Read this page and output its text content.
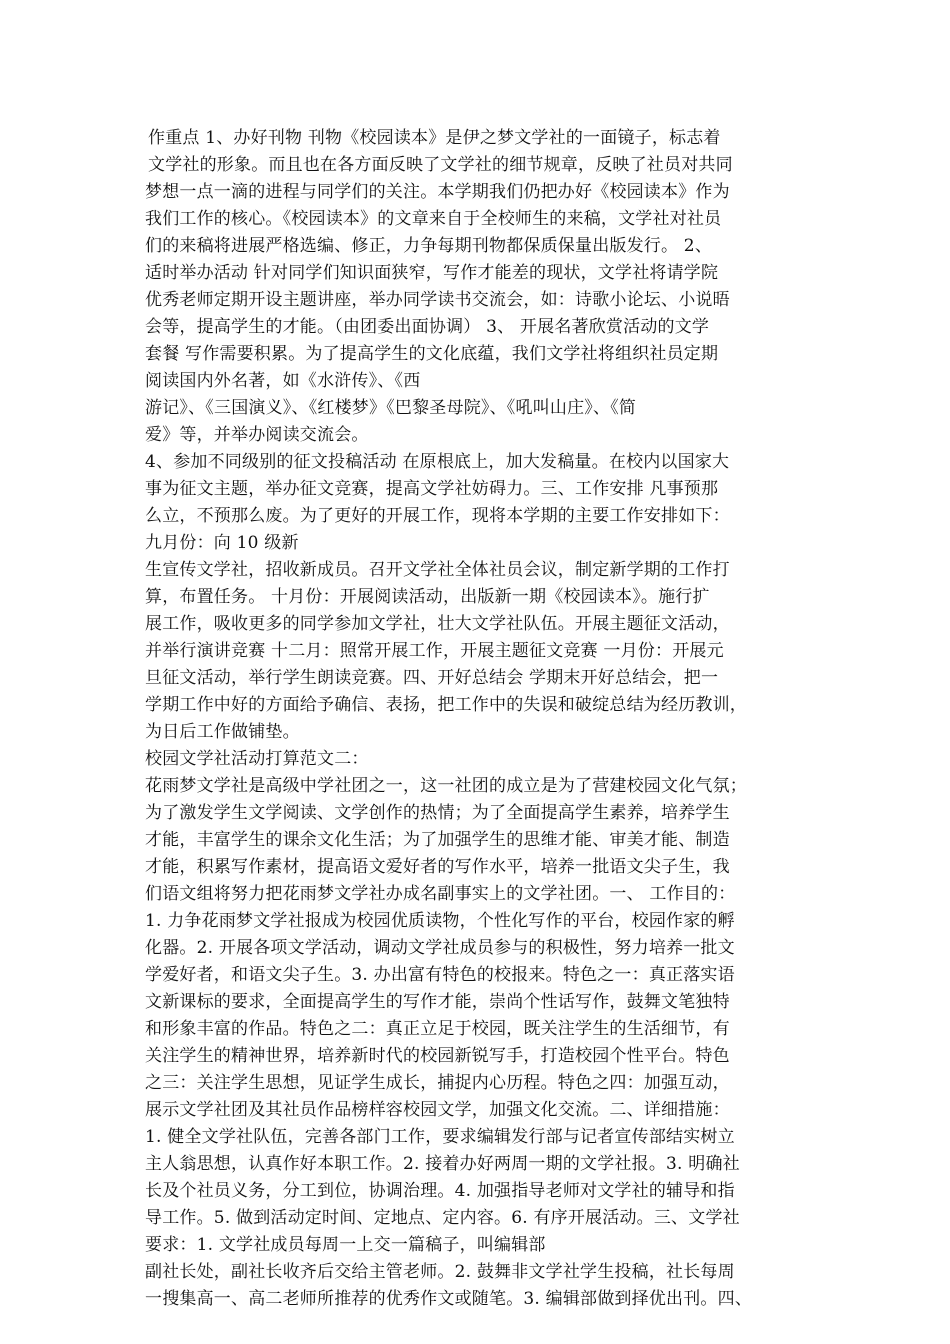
作重点 1、办好刊物 刊物《校园读本》是伊之梦文学社的一面镜子，标志着
文学社的形象。而且也在各方面反映了文学社的细节规章，反映了社员对共同
梦想一点一滴的进程与同学们的关注。本学期我们仍把办好《校园读本》作为
我们工作的核心。《校园读本》的文章来自于全校师生的来稿，文学社对社员
们的来稿将进展严格选编、修正，力争每期刊物都保质保量出版发行。 2、
适时举办活动 针对同学们知识面狭窄，写作才能差的现状，文学社将请学院
优秀老师定期开设主题讲座，举办同学读书交流会，如：诗歌小论坛、小说晤
会等，提高学生的才能。（由团委出面协调） 3、 开展名著欣赏活动的文学
套餐 写作需要积累。为了提高学生的文化底蕴，我们文学社将组织社员定期
阅读国内外名著，如《水浒传》、《西
游记》、《三国演义》、《红楼梦》《巴黎圣母院》、《吼叫山庄》、《简
爱》等，并举办阅读交流会。
4、参加不同级别的征文投稿活动 在原根底上，加大发稿量。在校内以国家大
事为征文主题，举办征文竞赛，提高文学社妨碍力。三、工作安排 凡事预那
么立，不预那么废。为了更好的开展工作，现将本学期的主要工作安排如下：
九月份：向 10 级新
生宣传文学社，招收新成员。召开文学社全体社员会议，制定新学期的工作打
算，布置任务。 十月份：开展阅读活动，出版新一期《校园读本》。施行扩
展工作，吸收更多的同学参加文学社，壮大文学社队伍。开展主题征文活动，
并举行演讲竞赛 十二月：照常开展工作，开展主题征文竞赛 一月份：开展元
旦征文活动，举行学生朗读竞赛。四、开好总结会 学期末开好总结会，把一
学期工作中好的方面给予确信、表扬，把工作中的失误和破绽总结为经历教训，
为日后工作做铺垫。
校园文学社活动打算范文二：
花雨梦文学社是高级中学社团之一，这一社团的成立是为了营建校园文化气氛；
为了激发学生文学阅读、文学创作的热情；为了全面提高学生素养，培养学生
才能，丰富学生的课余文化生活；为了加强学生的思维才能、审美才能、制造
才能，积累写作素材，提高语文爱好者的写作水平，培养一批语文尖子生，我
们语文组将努力把花雨梦文学社办成名副事实上的文学社团。一、 工作目的：
1. 力争花雨梦文学社报成为校园优质读物，个性化写作的平台，校园作家的孵
化器。2. 开展各项文学活动，调动文学社成员参与的积极性，努力培养一批文
学爱好者，和语文尖子生。3. 办出富有特色的校报来。特色之一：真正落实语
文新课标的要求，全面提高学生的写作才能，崇尚个性话写作，鼓舞文笔独特
和形象丰富的作品。特色之二：真正立足于校园，既关注学生的生活细节，有
关注学生的精神世界，培养新时代的校园新锐写手，打造校园个性平台。特色
之三：关注学生思想，见证学生成长，捕捉内心历程。特色之四：加强互动，
展示文学社团及其社员作品榜样容校园文学，加强文化交流。二、详细措施：
1. 健全文学社队伍，完善各部门工作，要求编辑发行部与记者宣传部结实树立
主人翁思想，认真作好本职工作。2. 接着办好两周一期的文学社报。3. 明确社
长及个社员义务，分工到位，协调治理。4. 加强指导老师对文学社的辅导和指
导工作。5. 做到活动定时间、定地点、定内容。6. 有序开展活动。三、文学社
要求：1. 文学社成员每周一上交一篇稿子，叫编辑部
副社长处，副社长收齐后交给主管老师。2. 鼓舞非文学社学生投稿，社长每周
一搜集高一、高二老师所推荐的优秀作文或随笔。3. 编辑部做到择优出刊。四、
